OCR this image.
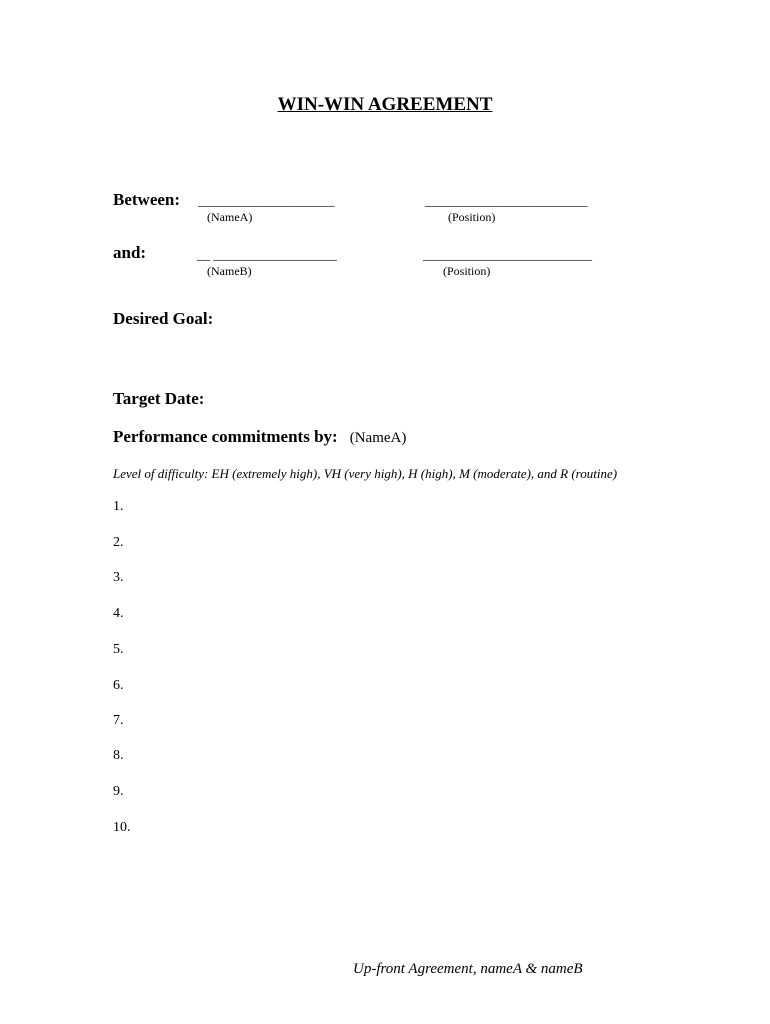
WIN-WIN AGREEMENT
Between: _____________________
(NameA)
_________________________
(Position)
and:	__ ___________________
(NameB)
__________________________
(Position)
Desired Goal:
Target Date:
Performance commitments by: (NameA)
Level of difficulty: EH (extremely high), VH (very high), H (high), M (moderate), and R (routine)
1.
2.
3.
4.
5.
6.
7.
8.
9.
10.
Up-front Agreement, nameA & nameB
